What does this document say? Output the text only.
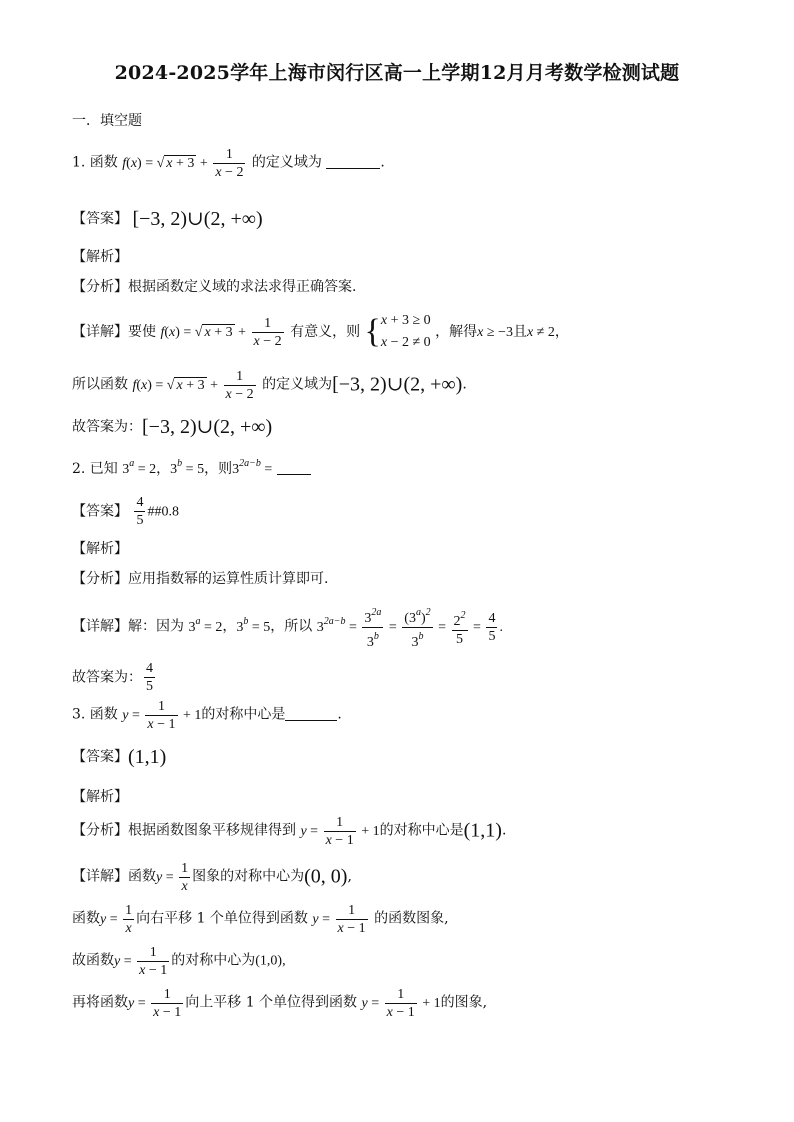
2024-2025学年上海市闵行区高一上学期12月月考数学检测试题
一．填空题
1. 函数 f(x) = √ $x + 3 + \frac{1}{x - 2}$ 的定义域为	.
【答案】 [−3, 2)∪(2, +∞)
【解析】
【分析】根据函数定义域的求法求得正确答案.
【详解】要使 f(x) = √ $x + 3 + \frac{1}{x - 2}$ 有意义，则 {x + 3 ≥ 0
x − 2 ≠ 0 ，解得x ≥ −3且x ≠ 2，
所以函数 f(x) = √ $x + 3 + \frac{1}{x - 2}$ 的定义域为[−3, 2)∪(2, +∞).
故答案为：[−3, 2)∪(2, +∞)
2. 已知 $3^a = 2$，$3^b = 5$，则$3^{2a-b}$ =
【答案】 $\frac{4}{5}$ ##0.8
【解析】
【分析】应用指数幂的运算性质计算即可.
【详解】解：因为 $3^a = 2$，$3^b = 5$，所以 $3^{2a-b} = \frac{3^{2a}}{3^b} = \frac{(3^a)^2}{3^b} = \frac{2^2}{5} = \frac{4}{5}$ .
故答案为： $\frac{4}{5}$
3. 函数 $y = \frac{1}{x - 1} + 1$的对称中心是	.
【答案】(1,1)
【解析】
【分析】根据函数图象平移规律得到 $y = \frac{1}{x - 1} + 1$的对称中心是(1,1).
【详解】函数$y = \frac{1}{x}$ 图象的对称中心为(0, 0),
函数$y = \frac{1}{x}$ 向右平移 1 个单位得到函数 $y = \frac{1}{x - 1}$ 的函数图象,
故函数$y = \frac{1}{x - 1}$ 的对称中心为(1,0),
再将函数$y = \frac{1}{x - 1}$ 向上平移 1 个单位得到函数 $y = \frac{1}{x - 1} + 1$的图象,
